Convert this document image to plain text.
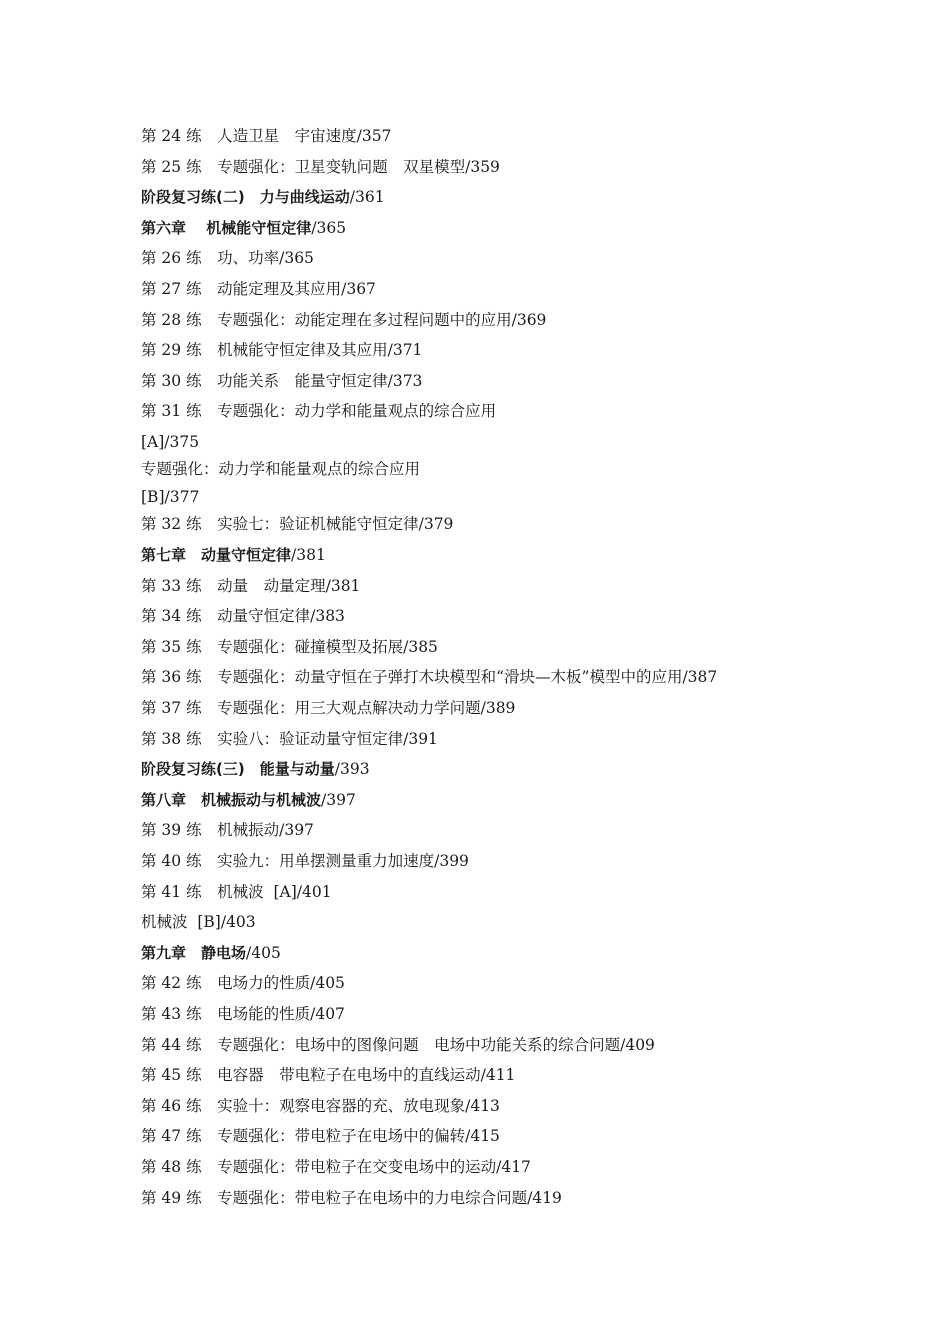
第 24 练　 人造卫星　宇宙速度/357
第 25 练　 专题强化：卫星变轨问题　双星模型/359
阶段复习练(二)　 力与曲线运动/361
第六章　 机械能守恒定律/365
第 26 练　 功、功率/365
第 27 练　 动能定理及其应用/367
第 28 练　 专题强化：动能定理在多过程问题中的应用/369
第 29 练　 机械能守恒定律及其应用/371
第 30 练　 功能关系　能量守恒定律/373
第 31 练　 专题强化：动力学和能量观点的综合应用
[A]/375
专题强化：动力学和能量观点的综合应用
[B]/377
第 32 练　 实验七：验证机械能守恒定律/379
第七章　 动量守恒定律/381
第 33 练　 动量　动量定理/381
第 34 练　 动量守恒定律/383
第 35 练　 专题强化：碰撞模型及拓展/385
第 36 练　 专题强化：动量守恒在子弹打木块模型和“滑块—木板”模型中的应用/387
第 37 练　 专题强化：用三大观点解决动力学问题/389
第 38 练　 实验八：验证动量守恒定律/391
阶段复习练(三)　 能量与动量/393
第八章　 机械振动与机械波/397
第 39 练　 机械振动/397
第 40 练　 实验九：用单摆测量重力加速度/399
第 41 练　 机械波  [A]/401
机械波  [B]/403
第九章　 静电场/405
第 42 练　 电场力的性质/405
第 43 练　 电场能的性质/407
第 44 练　 专题强化：电场中的图像问题　电场中功能关系的综合问题/409
第 45 练　 电容器　带电粒子在电场中的直线运动/411
第 46 练　 实验十：观察电容器的充、放电现象/413
第 47 练　 专题强化：带电粒子在电场中的偏转/415
第 48 练　 专题强化：带电粒子在交变电场中的运动/417
第 49 练　 专题强化：带电粒子在电场中的力电综合问题/419
